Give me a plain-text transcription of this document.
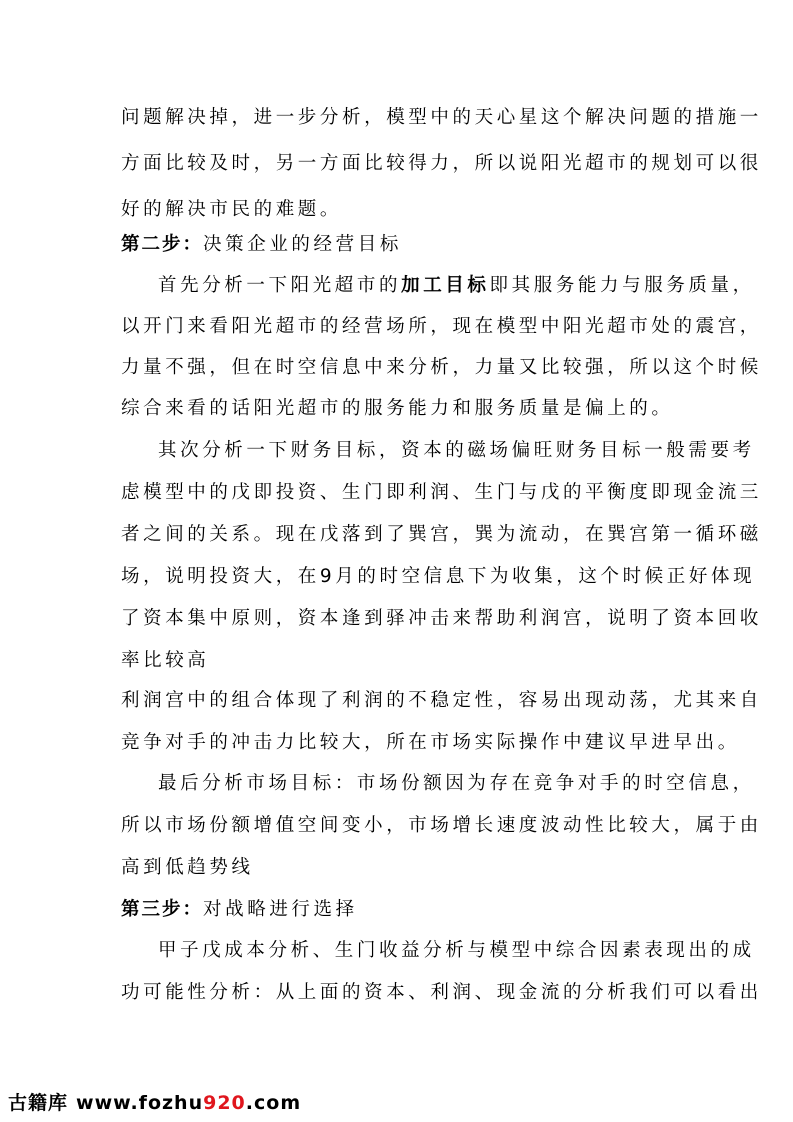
问题解决掉，进一步分析，模型中的天心星这个解决问题的措施一
方面比较及时，另一方面比较得力，所以说阳光超市的规划可以很
好的解决市民的难题。
第二步：决策企业的经营目标
首先分析一下阳光超市的加工目标即其服务能力与服务质量，
以开门来看阳光超市的经营场所，现在模型中阳光超市处的震宫，
力量不强，但在时空信息中来分析，力量又比较强，所以这个时候
综合来看的话阳光超市的服务能力和服务质量是偏上的。
其次分析一下财务目标，资本的磁场偏旺财务目标一般需要考
虑模型中的戊即投资、生门即利润、生门与戊的平衡度即现金流三
者之间的关系。现在戊落到了巽宫，巽为流动，在巽宫第一循环磁
场，说明投资大，在9月的时空信息下为收集，这个时候正好体现
了资本集中原则，资本逢到驿冲击来帮助利润宫，说明了资本回收
率比较高
利润宫中的组合体现了利润的不稳定性，容易出现动荡，尤其来自
竞争对手的冲击力比较大，所在市场实际操作中建议早进早出。
最后分析市场目标：市场份额因为存在竞争对手的时空信息，
所以市场份额增值空间变小，市场增长速度波动性比较大，属于由
高到低趋势线
第三步：对战略进行选择
甲子戊成本分析、生门收益分析与模型中综合因素表现出的成
功可能性分析：从上面的资本、利润、现金流的分析我们可以看出
古籍库 www.fozhu920.com
